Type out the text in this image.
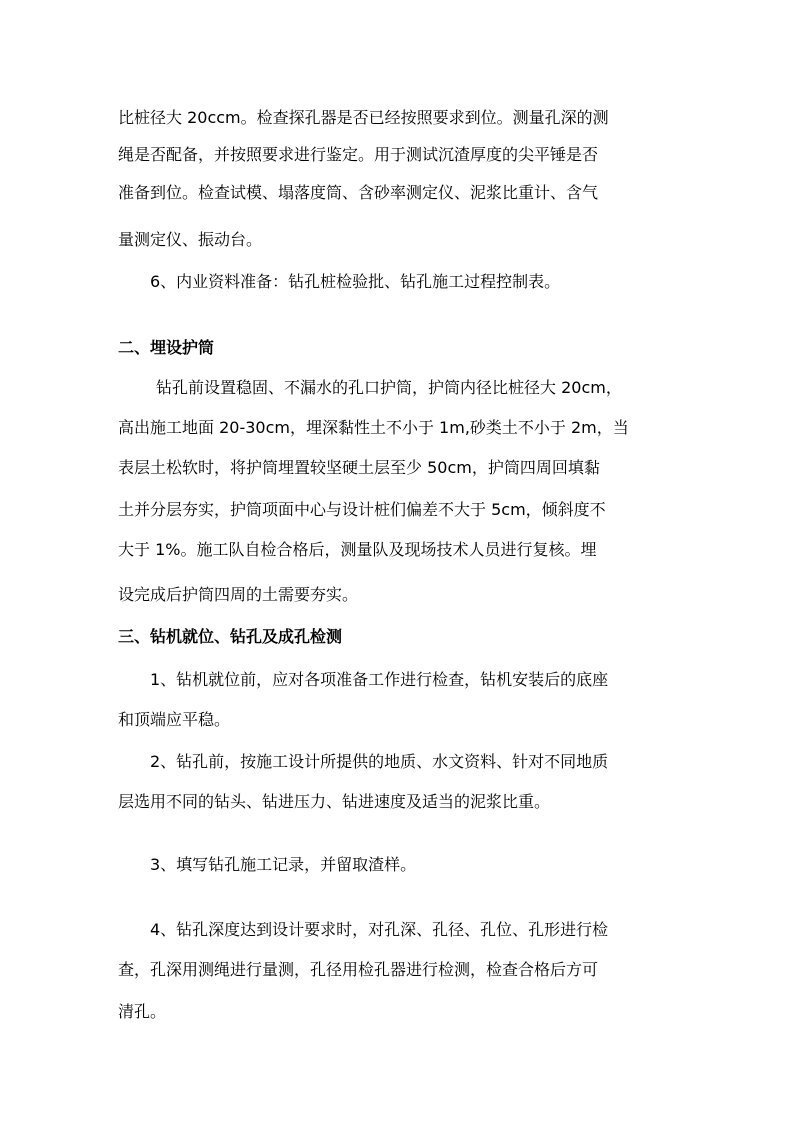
比桩径大 20ccm。检查探孔器是否已经按照要求到位。测量孔深的测
绳是否配备，并按照要求进行鉴定。用于测试沉渣厚度的尖平锤是否
准备到位。检查试模、塌落度筒、含砂率测定仪、泥浆比重计、含气
量测定仪、振动台。
6、内业资料准备：钻孔桩检验批、钻孔施工过程控制表。
二、埋设护筒
钻孔前设置稳固、不漏水的孔口护筒，护筒内径比桩径大 20cm，
高出施工地面 20-30cm，埋深黏性土不小于 1m,砂类土不小于 2m，当
表层土松软时，将护筒埋置较坚硬土层至少 50cm，护筒四周回填黏
土并分层夯实，护筒项面中心与设计桩们偏差不大于 5cm，倾斜度不
大于 1%。施工队自检合格后，测量队及现场技术人员进行复核。埋
设完成后护筒四周的土需要夯实。
三、钻机就位、钻孔及成孔检测
1、钻机就位前，应对各项准备工作进行检查，钻机安装后的底座
和顶端应平稳。
2、钻孔前，按施工设计所提供的地质、水文资料、针对不同地质
层选用不同的钻头、钻进压力、钻进速度及适当的泥浆比重。
3、填写钻孔施工记录，并留取渣样。
4、钻孔深度达到设计要求时，对孔深、孔径、孔位、孔形进行检
查，孔深用测绳进行量测，孔径用检孔器进行检测，检查合格后方可
清孔。
